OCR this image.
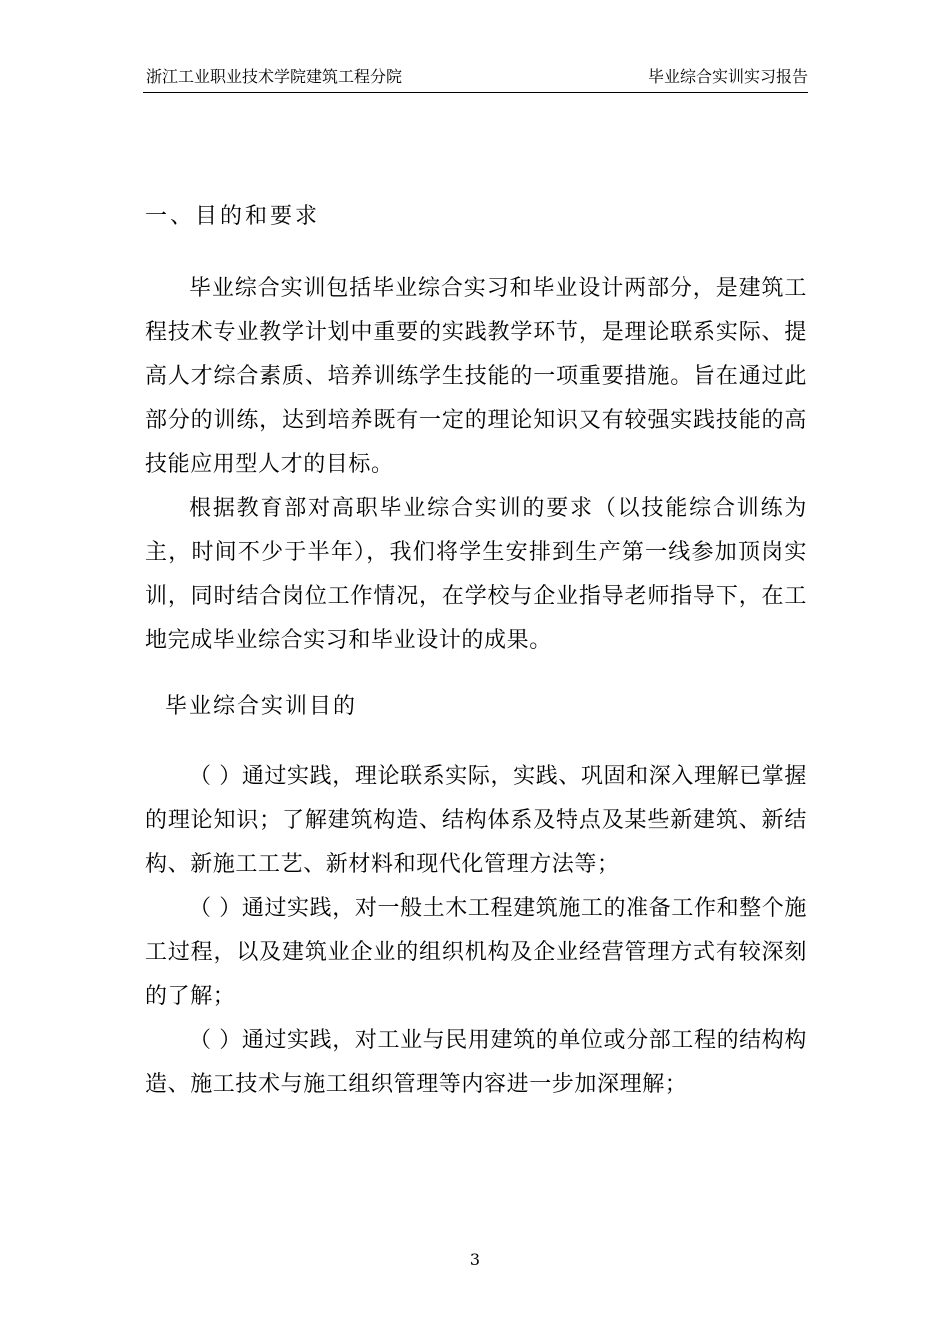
浙江工业职业技术学院建筑工程分院	毕业综合实训实习报告

一、目的和要求

毕业综合实训包括毕业综合实习和毕业设计两部分，是建筑工程技术专业教学计划中重要的实践教学环节，是理论联系实际、提高人才综合素质、培养训练学生技能的一项重要措施。旨在通过此部分的训练，达到培养既有一定的理论知识又有较强实践技能的高技能应用型人才的目标。

根据教育部对高职毕业综合实训的要求（以技能综合训练为主，时间不少于半年），我们将学生安排到生产第一线参加顶岗实训，同时结合岗位工作情况，在学校与企业指导老师指导下，在工地完成毕业综合实习和毕业设计的成果。

毕业综合实训目的

（ ）通过实践，理论联系实际，实践、巩固和深入理解已掌握的理论知识；了解建筑构造、结构体系及特点及某些新建筑、新结构、新施工工艺、新材料和现代化管理方法等；

（ ）通过实践，对一般土木工程建筑施工的准备工作和整个施工过程，以及建筑业企业的组织机构及企业经营管理方式有较深刻的了解；

（ ）通过实践，对工业与民用建筑的单位或分部工程的结构构造、施工技术与施工组织管理等内容进一步加深理解；

3
